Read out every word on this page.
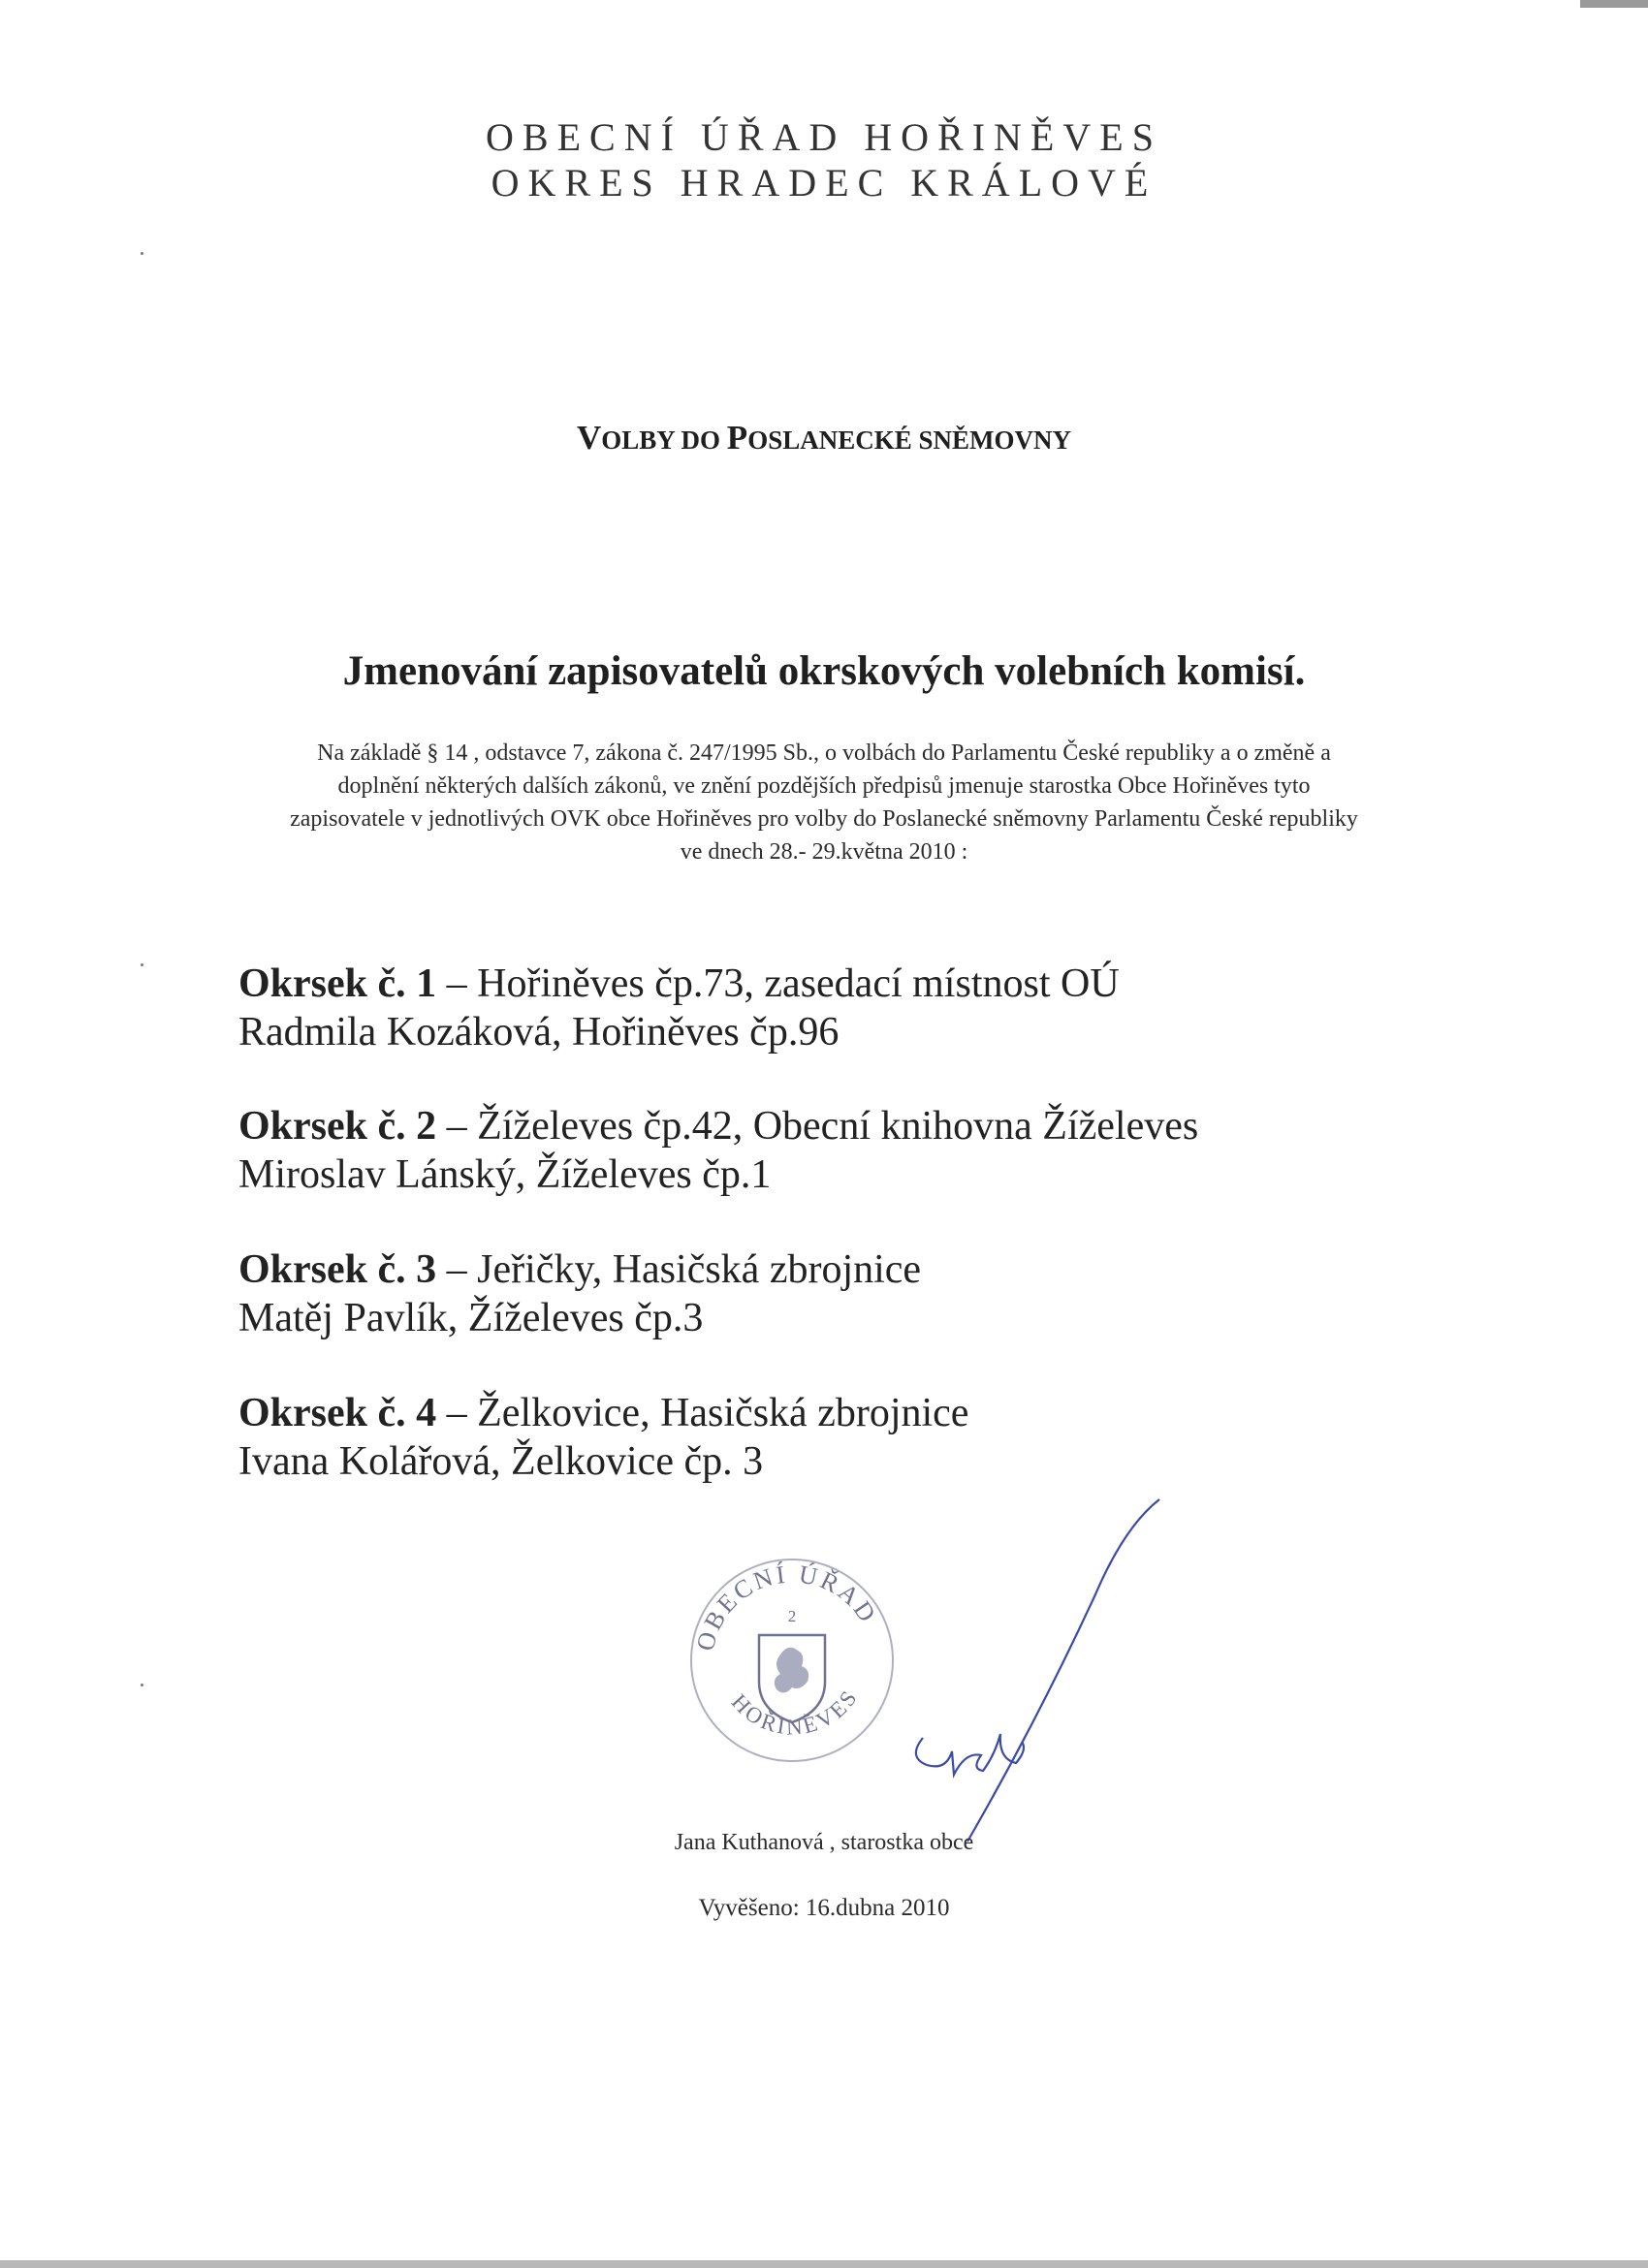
OBECNÍ ÚŘAD HOŘINĚVES
OKRES HRADEC KRÁLOVÉ
VOLBY DO POSLANECKÉ SNĚMOVNY
Jmenování zapisovatelů okrskových volebních komisí.

Na základě § 14 , odstavce 7, zákona č. 247/1995 Sb., o volbách do Parlamentu České republiky a o změně a

doplnění některých dalších zákonů, ve znění pozdějších předpisů jmenuje starostka Obce Hořiněves tyto

zapisovatele v jednotlivých OVK obce Hořiněves pro volby do Poslanecké sněmovny Parlamentu České republiky

ve dnech 28.- 29.května 2010 :

Okrsek č. 1 – Hořiněves čp.73, zasedací místnost OÚ
Radmila Kozáková, Hořiněves čp.96
Okrsek č. 2 – Žíželeves čp.42, Obecní knihovna Žíželeves
Miroslav Lánský, Žíželeves čp.1
Okrsek č. 3 – Jeřičky, Hasičská zbrojnice
Matěj Pavlík, Žíželeves čp.3
Okrsek č. 4 – Želkovice, Hasičská zbrojnice
Ivana Kolářová, Želkovice čp. 3
OBECNÍ ÚŘAD
HOŘINĚVES
2
Jana Kuthanová , starostka obce
Vyvěšeno: 16.dubna 2010
